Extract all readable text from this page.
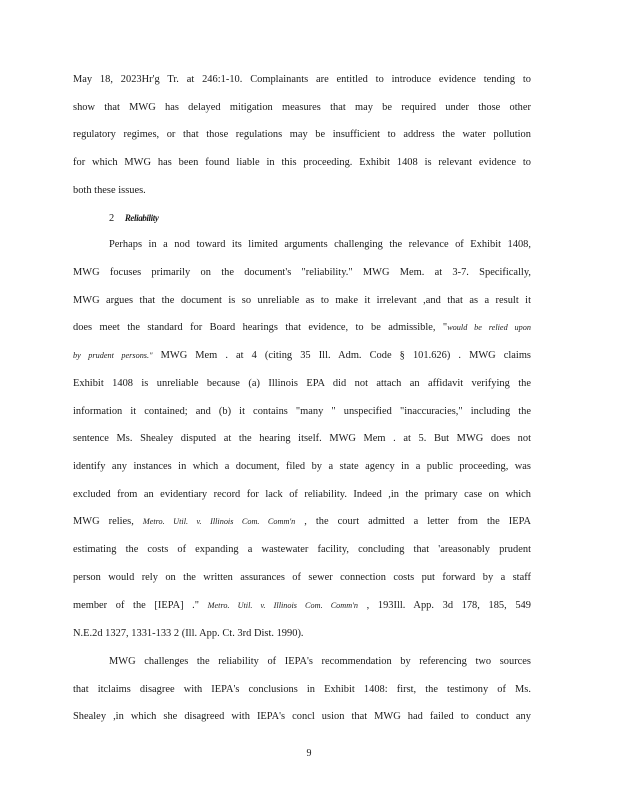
May 18, 2023Hr'g Tr. at 246:1-10. Complainants are entitled to introduce evidence tending to
show that MWG has delayed mitigation measures that may be required under those other
regulatory regimes, or that those regulations may be insufficient to address the water pollution
for which MWG has been found liable in this proceeding. Exhibit 1408 is relevant evidence to
both these issues.
2 Reliability
Perhaps in a nod toward its limited arguments challenging the relevance of Exhibit 1408,
MWG focuses primarily on the document's "reliability." MWG Mem. at 3-7. Specifically,
MWG argues that the document is so unreliable as to make it irrelevant ,and that as a result it
does meet the standard for Board hearings that evidence, to be admissible, "would be relied upon
by prudent persons." MWG Mem . at 4 (citing 35 Ill. Adm. Code § 101.626) . MWG claims
Exhibit 1408 is unreliable because (a) Illinois EPA did not attach an affidavit verifying the
information it contained; and (b) it contains "many " unspecified "inaccuracies," including the
sentence Ms. Shealey disputed at the hearing itself. MWG Mem . at 5. But MWG does not
identify any instances in which a document, filed by a state agency in a public proceeding, was
excluded from an evidentiary record for lack of reliability. Indeed ,in the primary case on which
MWG relies, Metro. Util. v. Illinois Com. Comm'n , the court admitted a letter from the IEPA
estimating the costs of expanding a wastewater facility, concluding that 'areasonably prudent
person would rely on the written assurances of sewer connection costs put forward by a staff
member of the [IEPA] ." Metro. Util. v. Illinois Com. Comm'n , 193Ill. App. 3d 178, 185, 549
N.E.2d 1327, 1331-133 2 (Ill. App. Ct. 3rd Dist. 1990).
MWG challenges the reliability of IEPA's recommendation by referencing two sources
that itclaims disagree with IEPA's conclusions in Exhibit 1408: first, the testimony of Ms.
Shealey ,in which she disagreed with IEPA's concl usion that MWG had failed to conduct any
9
